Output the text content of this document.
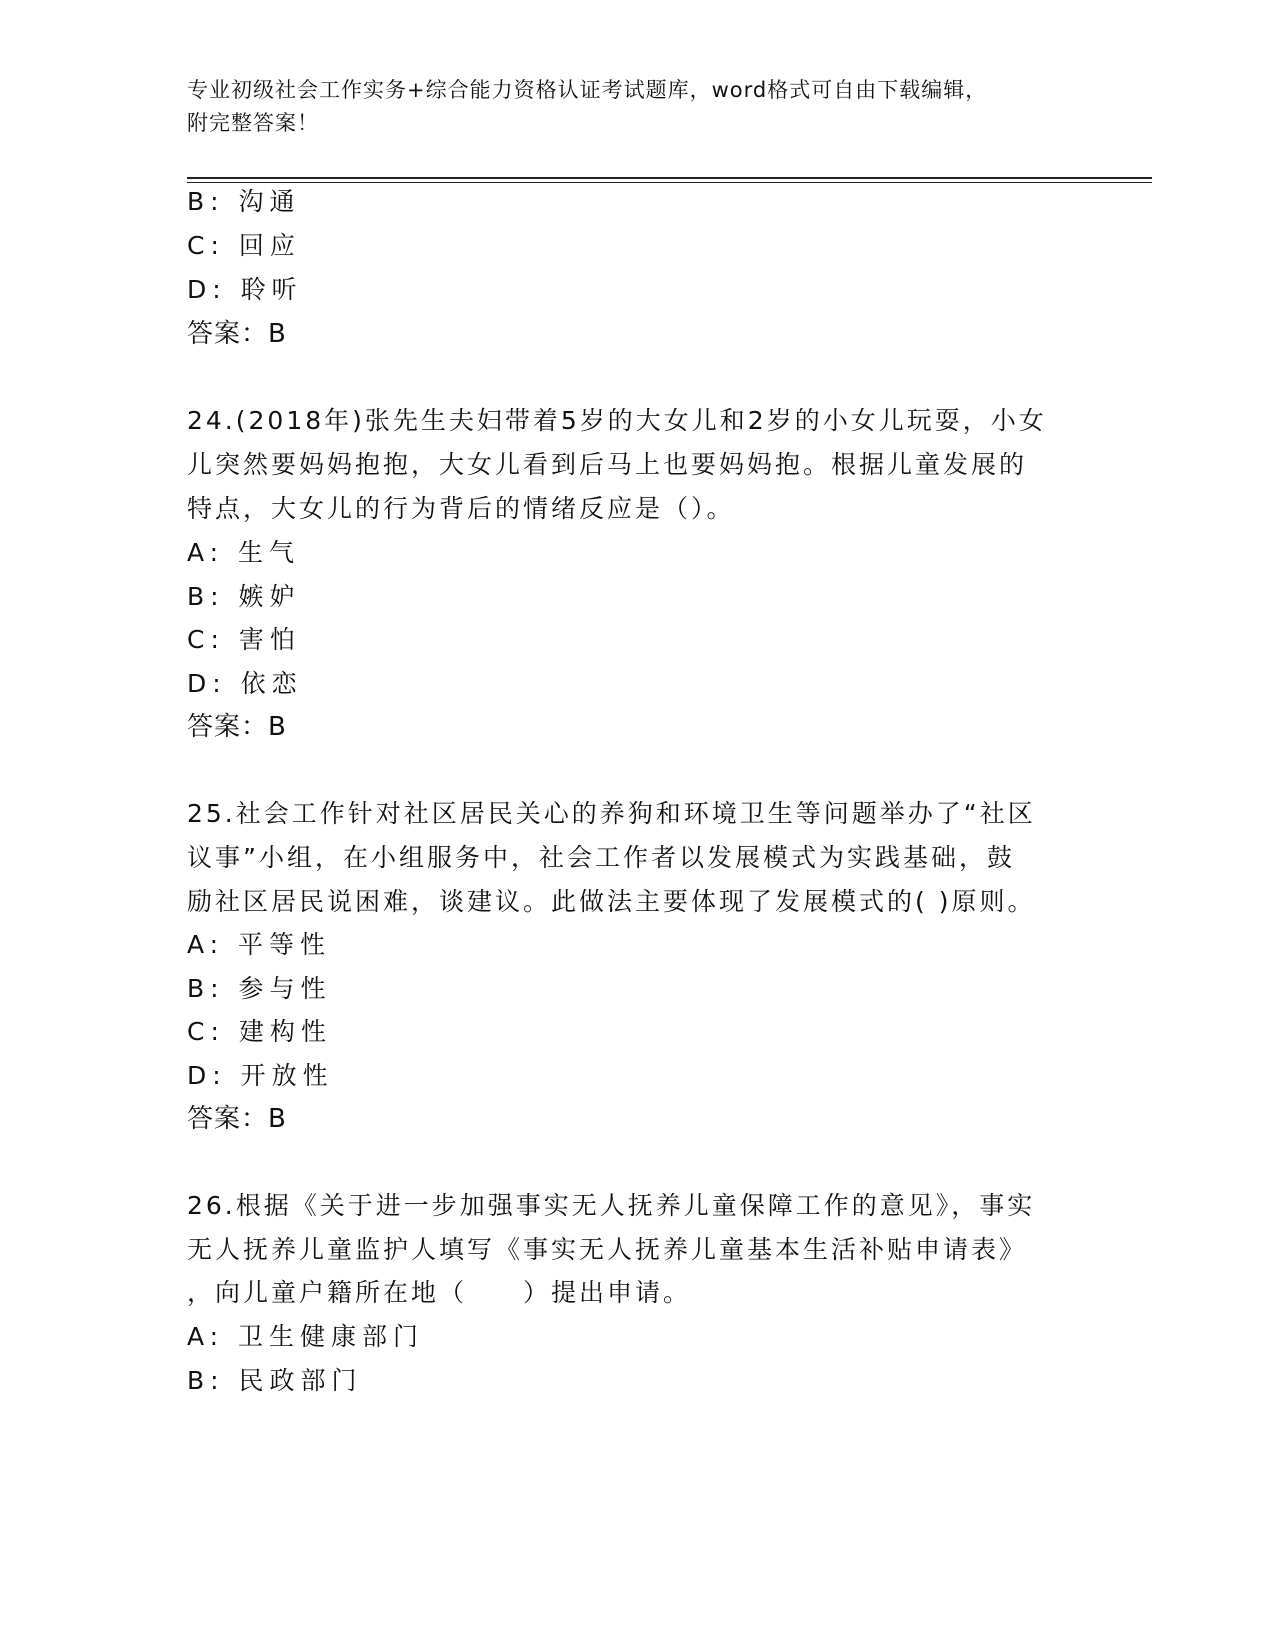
专业初级社会工作实务+综合能力资格认证考试题库，word格式可自由下载编辑，
附完整答案！
B: 沟通
C: 回应
D: 聆听
答案：B
24.(2018年)张先生夫妇带着5岁的大女儿和2岁的小女儿玩耍，小女
儿突然要妈妈抱抱，大女儿看到后马上也要妈妈抱。根据儿童发展的
特点，大女儿的行为背后的情绪反应是（）。
A: 生气
B: 嫉妒
C: 害怕
D: 依恋
答案：B
25.社会工作针对社区居民关心的养狗和环境卫生等问题举办了“社区
议事”小组，在小组服务中，社会工作者以发展模式为实践基础，鼓
励社区居民说困难，谈建议。此做法主要体现了发展模式的( )原则。
A: 平等性
B: 参与性
C: 建构性
D: 开放性
答案：B
26.根据《关于进一步加强事实无人抚养儿童保障工作的意见》，事实
无人抚养儿童监护人填写《事实无人抚养儿童基本生活补贴申请表》
，向儿童户籍所在地（　　）提出申请。
A: 卫生健康部门
B: 民政部门
